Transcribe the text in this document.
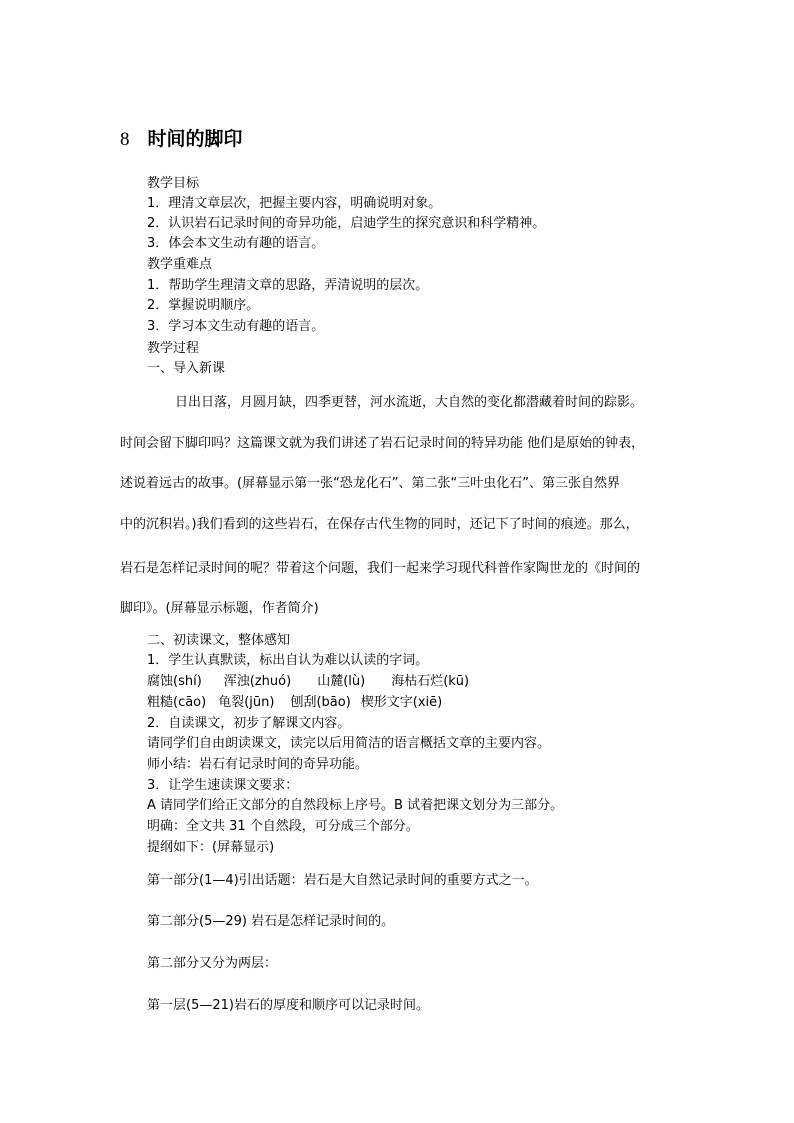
8 时间的脚印
教学目标
1．理清文章层次，把握主要内容，明确说明对象。
2．认识岩石记录时间的奇异功能，启迪学生的探究意识和科学精神。
3．体会本文生动有趣的语言。
教学重难点
1．帮助学生理清文章的思路，弄清说明的层次。
2．掌握说明顺序。
3．学习本文生动有趣的语言。
教学过程
一、导入新课
日出日落，月圆月缺，四季更替，河水流逝，大自然的变化都潜藏着时间的踪影。
时间会留下脚印吗？这篇课文就为我们讲述了岩石记录时间的特异功能 他们是原始的钟表，
述说着远古的故事。(屏幕显示第一张“恐龙化石”、第二张“三叶虫化石”、第三张自然界
中的沉积岩。)我们看到的这些岩石，在保存古代生物的同时，还记下了时间的痕迹。那么，
岩石是怎样记录时间的呢？带着这个问题，我们一起来学习现代科普作家陶世龙的《时间的
脚印》。(屏幕显示标题，作者简介)
二、初读课文，整体感知
1．学生认真默读，标出自认为难以认读的字词。
腐蚀(shí) 浑浊(zhuó) 山麓(lù) 海枯石烂(kū)
粗糙(cāo) 龟裂(jūn) 刨刮(bāo) 楔形文字(xiē)
2．自读课文，初步了解课文内容。
请同学们自由朗读课文，读完以后用简洁的语言概括文章的主要内容。
师小结：岩石有记录时间的奇异功能。
3．让学生速读课文要求：
A 请同学们给正文部分的自然段标上序号。B 试着把课文划分为三部分。
明确：全文共 31 个自然段，可分成三个部分。
提纲如下：(屏幕显示)
第一部分(1—4)引出话题：岩石是大自然记录时间的重要方式之一。
第二部分(5—29) 岩石是怎样记录时间的。
第二部分又分为两层：
第一层(5—21)岩石的厚度和顺序可以记录时间。
